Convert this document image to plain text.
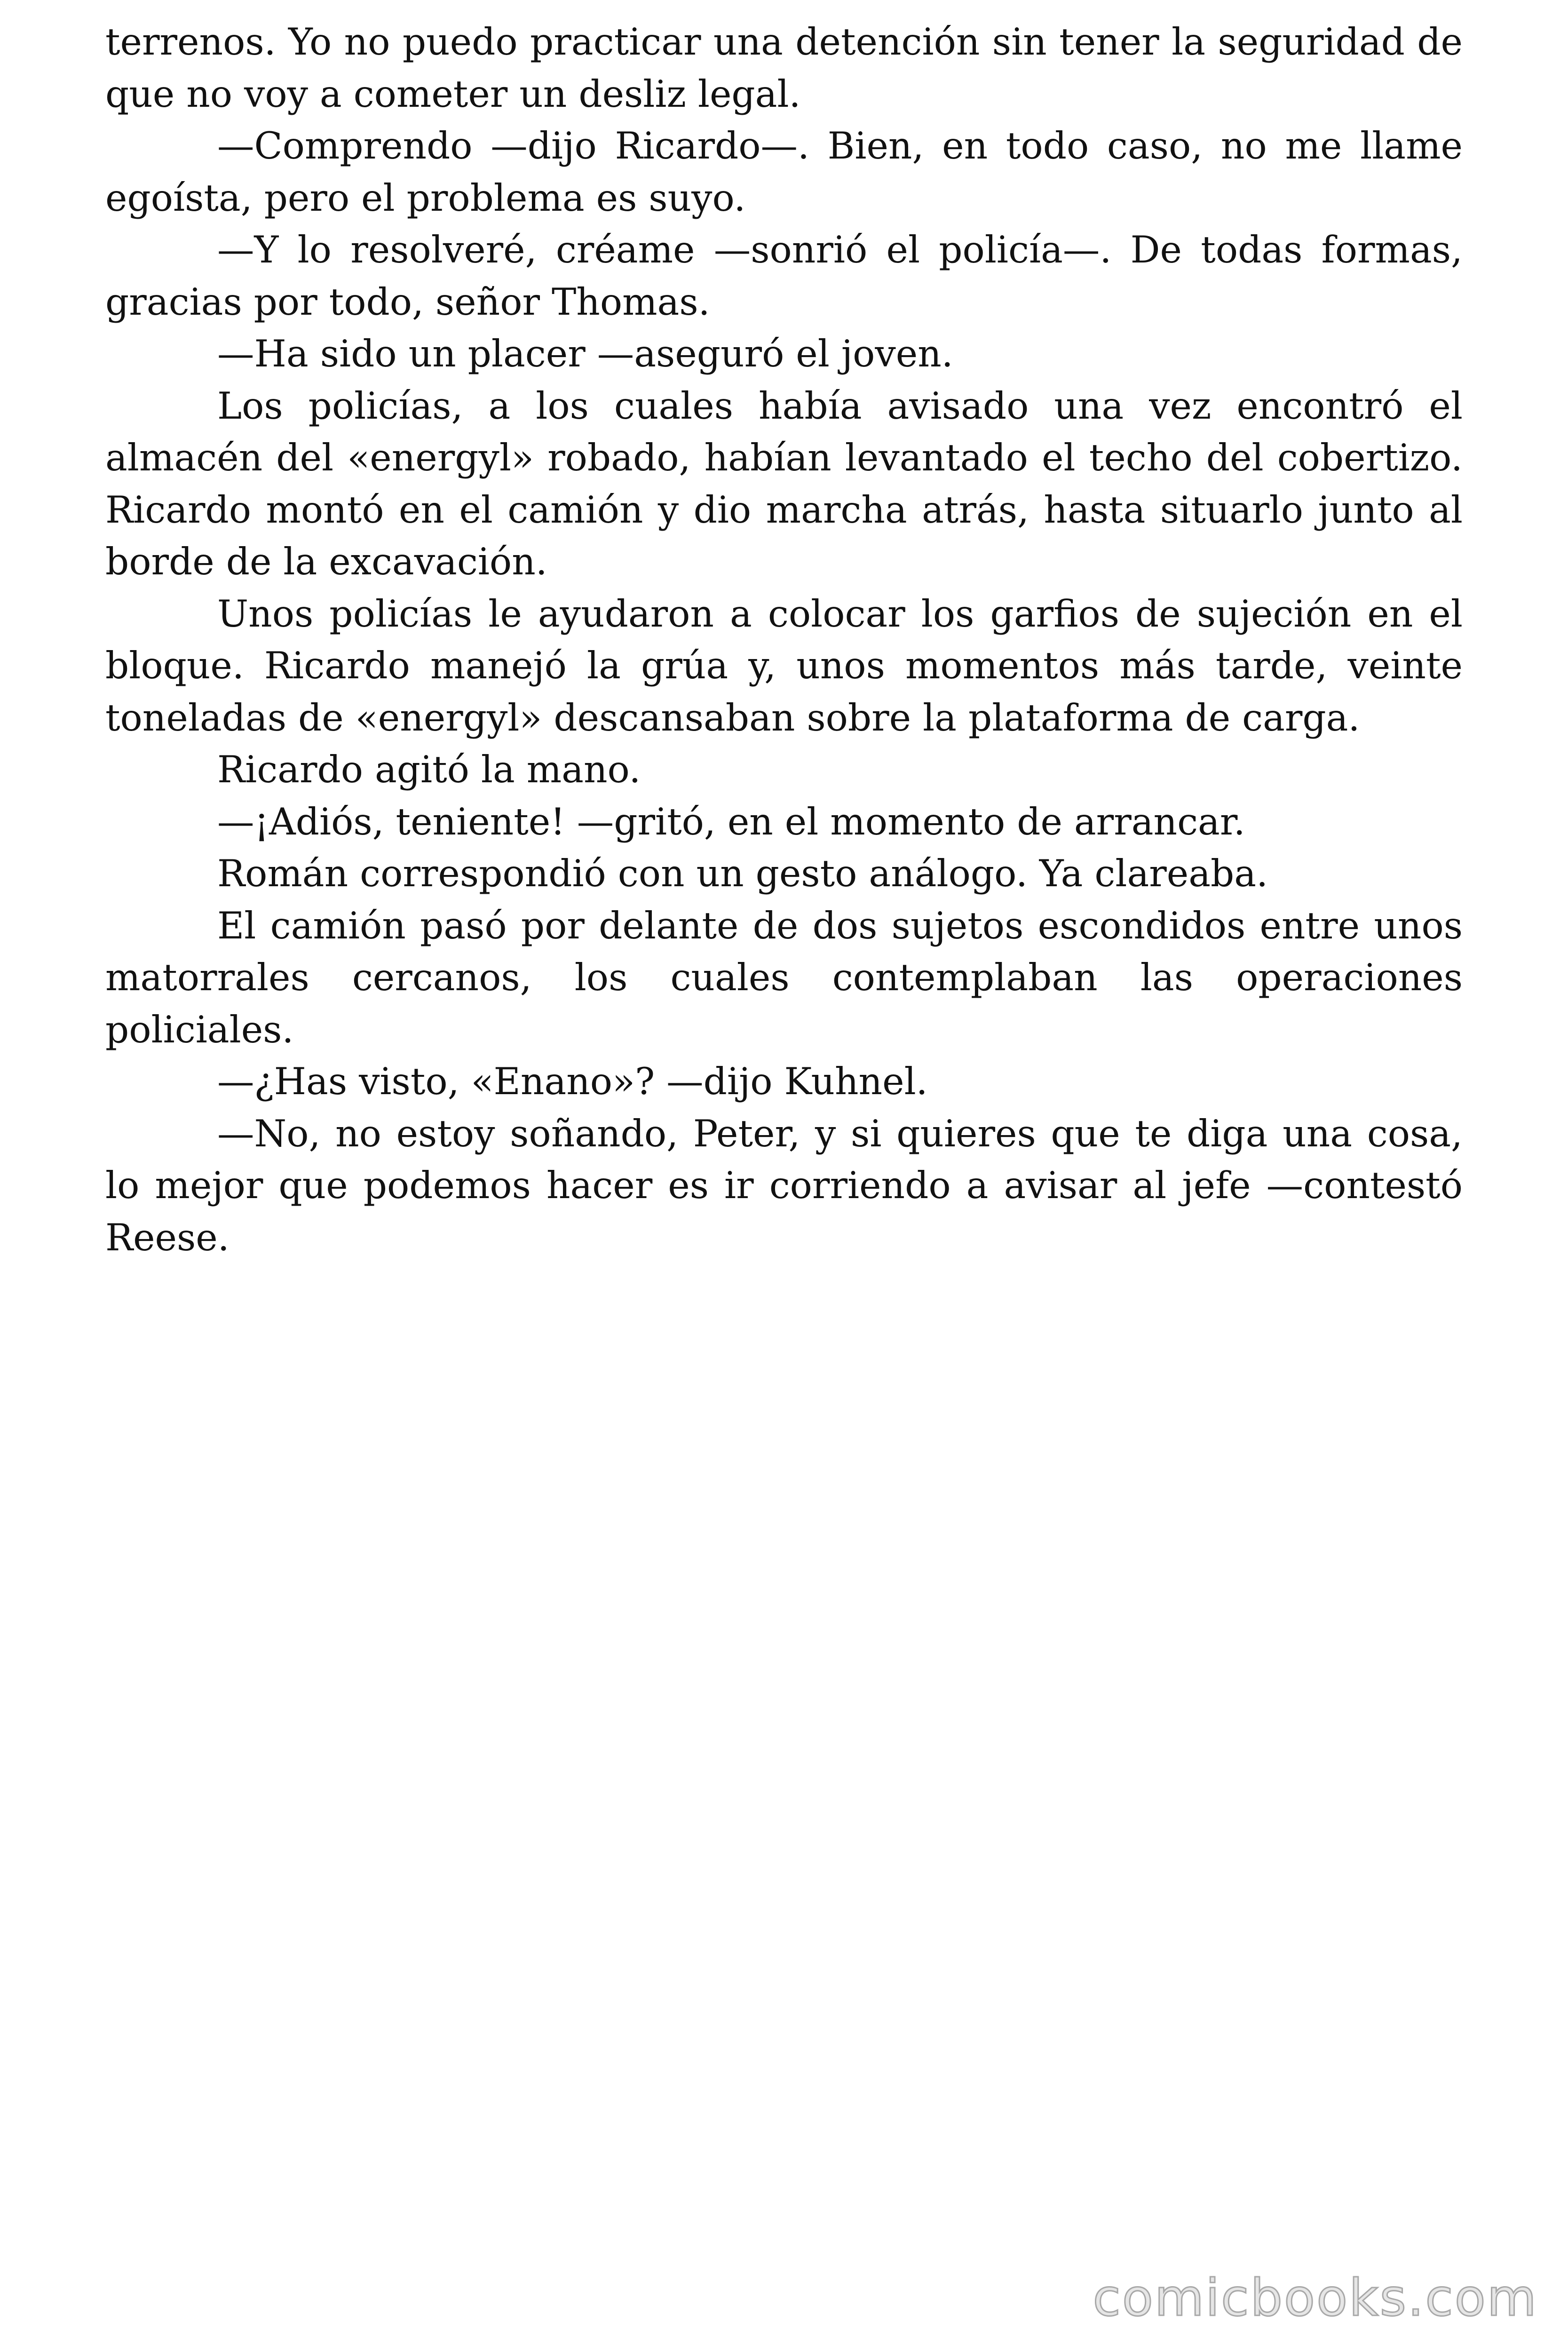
terrenos. Yo no puedo practicar una detención sin tener la seguridad de que no voy a cometer un desliz legal.

—Comprendo —dijo Ricardo—. Bien, en todo caso, no me llame egoísta, pero el problema es suyo.

—Y lo resolveré, créame —sonrió el policía—. De todas formas, gracias por todo, señor Thomas.

—Ha sido un placer —aseguró el joven.

Los policías, a los cuales había avisado una vez encontró el almacén del «energyl» robado, habían levantado el techo del cobertizo. Ricardo montó en el camión y dio marcha atrás, hasta situarlo junto al borde de la excavación.

Unos policías le ayudaron a colocar los garfios de sujeción en el bloque. Ricardo manejó la grúa y, unos momentos más tarde, veinte toneladas de «energyl» descansaban sobre la plataforma de carga.

Ricardo agitó la mano.

—¡Adiós, teniente! —gritó, en el momento de arrancar.

Román correspondió con un gesto análogo. Ya clareaba.

El camión pasó por delante de dos sujetos escondidos entre unos matorrales cercanos, los cuales contemplaban las operaciones policiales.

—¿Has visto, «Enano»? —dijo Kuhnel.

—No, no estoy soñando, Peter, y si quieres que te diga una cosa, lo mejor que podemos hacer es ir corriendo a avisar al jefe —contestó Reese.

comicbooks.com
